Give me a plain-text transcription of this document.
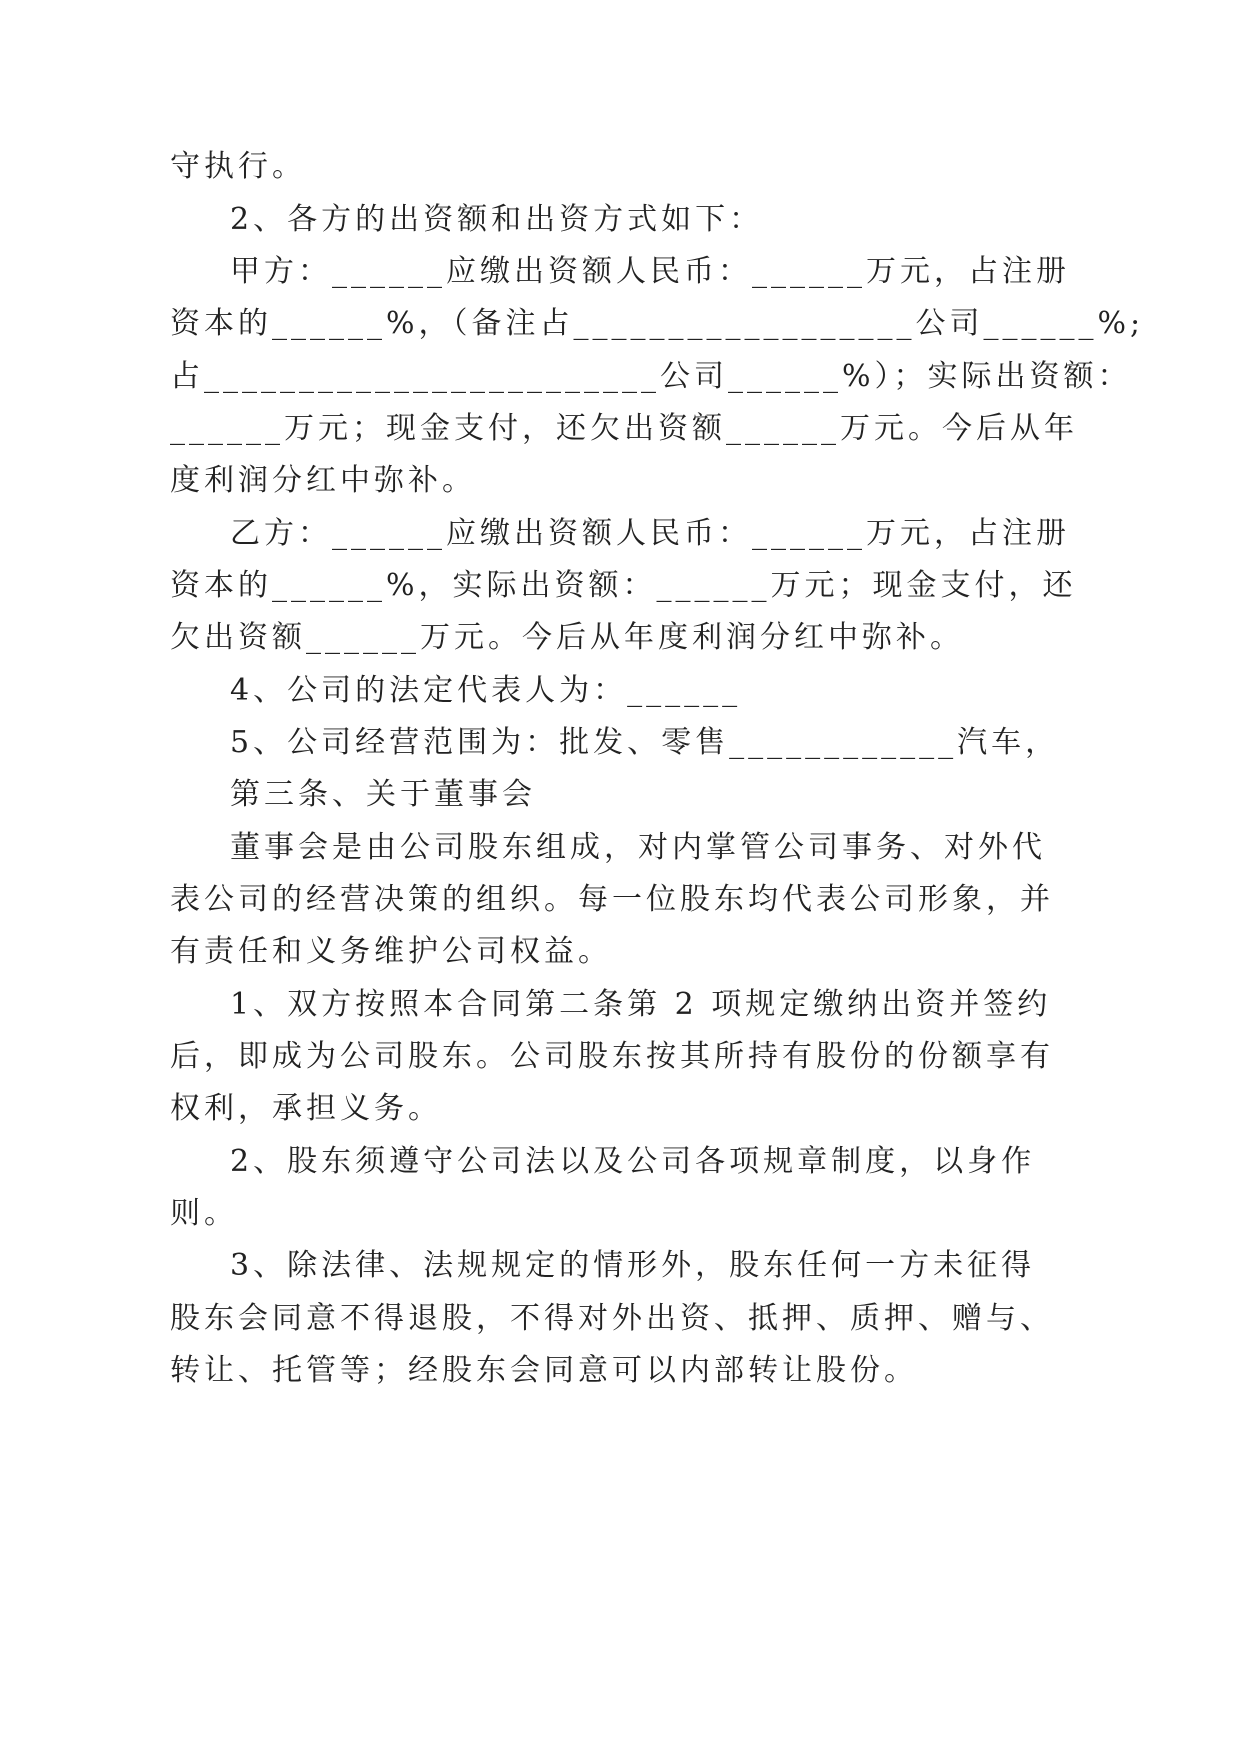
守执行。
2、各方的出资额和出资方式如下：
甲方：______应缴出资额人民币：______万元，占注册
资本的______%，（备注占__________________公司______%;
占________________________公司______%）；实际出资额：
______万元；现金支付，还欠出资额______万元。今后从年
度利润分红中弥补。
乙方：______应缴出资额人民币：______万元，占注册
资本的______%，实际出资额：______万元；现金支付，还
欠出资额______万元。今后从年度利润分红中弥补。
4、公司的法定代表人为：______
5、公司经营范围为：批发、零售____________汽车，
第三条、关于董事会
董事会是由公司股东组成，对内掌管公司事务、对外代
表公司的经营决策的组织。每一位股东均代表公司形象，并
有责任和义务维护公司权益。
1、双方按照本合同第二条第 2 项规定缴纳出资并签约
后，即成为公司股东。公司股东按其所持有股份的份额享有
权利，承担义务。
2、股东须遵守公司法以及公司各项规章制度，以身作
则。
3、除法律、法规规定的情形外，股东任何一方未征得
股东会同意不得退股，不得对外出资、抵押、质押、赠与、
转让、托管等；经股东会同意可以内部转让股份。
